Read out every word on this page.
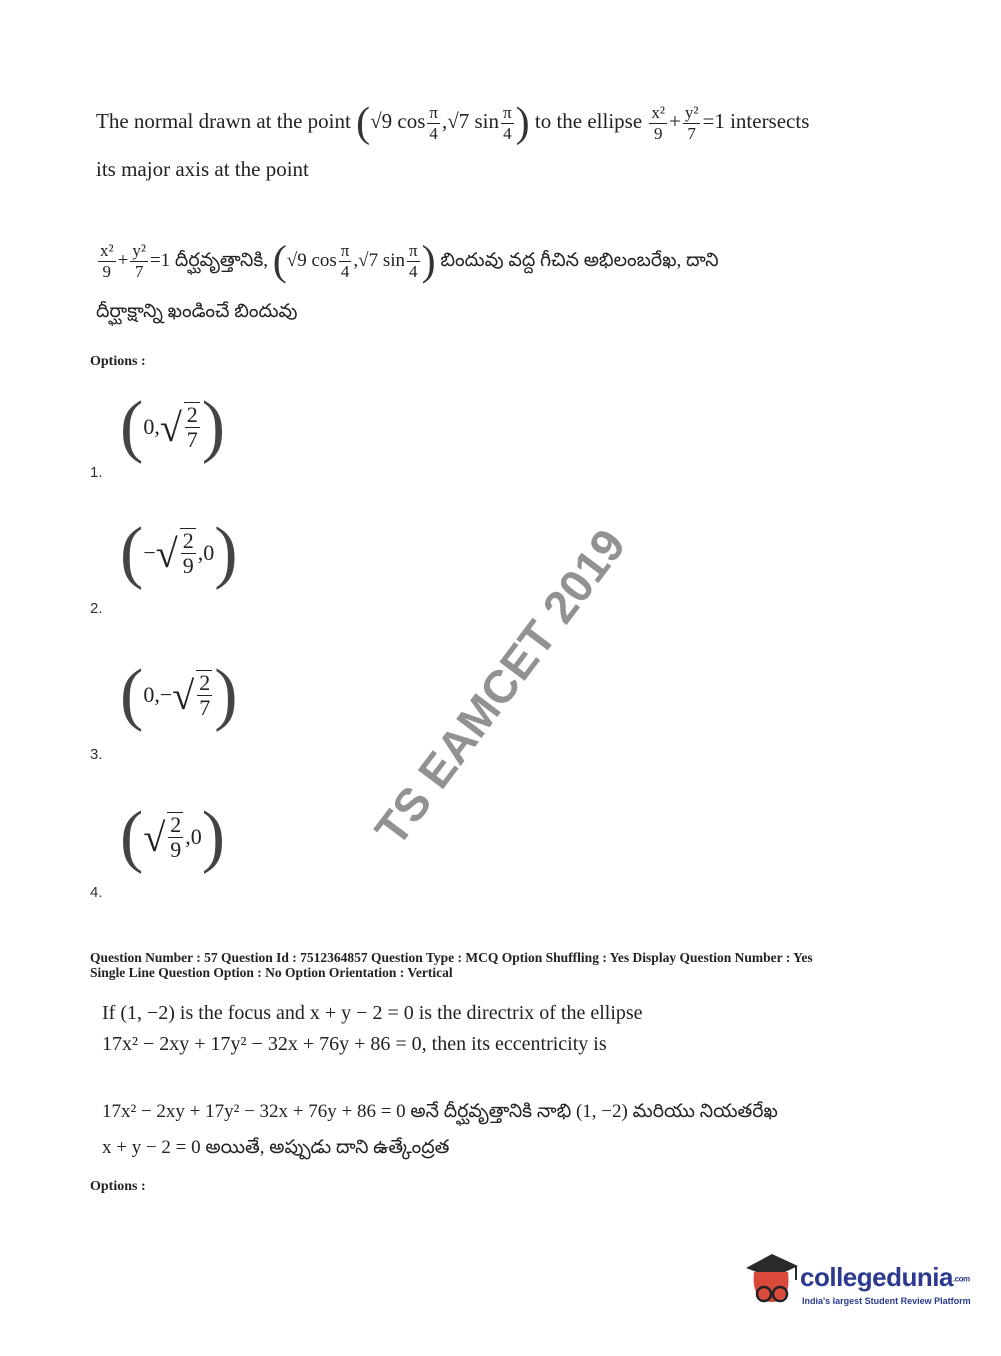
The normal drawn at the point (√9 $\cos \frac{\pi}{4} ,√7$ $\sin \frac{\pi}{4}$ ) to the ellipse $\frac{\text{x²}}{9} + \frac{\text{y²}}{7} =1$ intersects
its major axis at the point
$\frac{\text{x²}}{9} + \frac{\text{y²}}{7} =1$ దీర్ఘవృత్తానికి, (√9 $\cos \frac{\pi}{4} ,√7$ $\sin \frac{\pi}{4}$ ) బిందువు వద్ద గీచిన అభిలంబరేఖ, దాని
దీర్ఘాక్షాన్ని ఖండించే బిందువు
Options :
( 0, √ $\frac{2}{7}$ )
1.
( − √ $\frac{2}{9} ,0$ )
2.
( 0, − √ $\frac{2}{7}$ )
3.
( √ $\frac{2}{9} ,0$ )
4.
Question Number : 57 Question Id : 7512364857 Question Type : MCQ Option Shuffling : Yes Display Question Number : Yes
Single Line Question Option : No Option Orientation : Vertical
If (1, −2) is the focus and x + y − 2 = 0 is the directrix of the ellipse
17x² − 2xy + 17y² − 32x + 76y + 86 = 0, then its eccentricity is
17x² − 2xy + 17y² − 32x + 76y + 86 = 0 అనే దీర్ఘవృత్తానికి నాభి (1, −2) మరియు నియతరేఖ
x + y − 2 = 0 అయితే, అప్పుడు దాని ఉత్కేంద్రత
Options :
TS EAMCET 2019
collegedunia.com
India's largest Student Review Platform
